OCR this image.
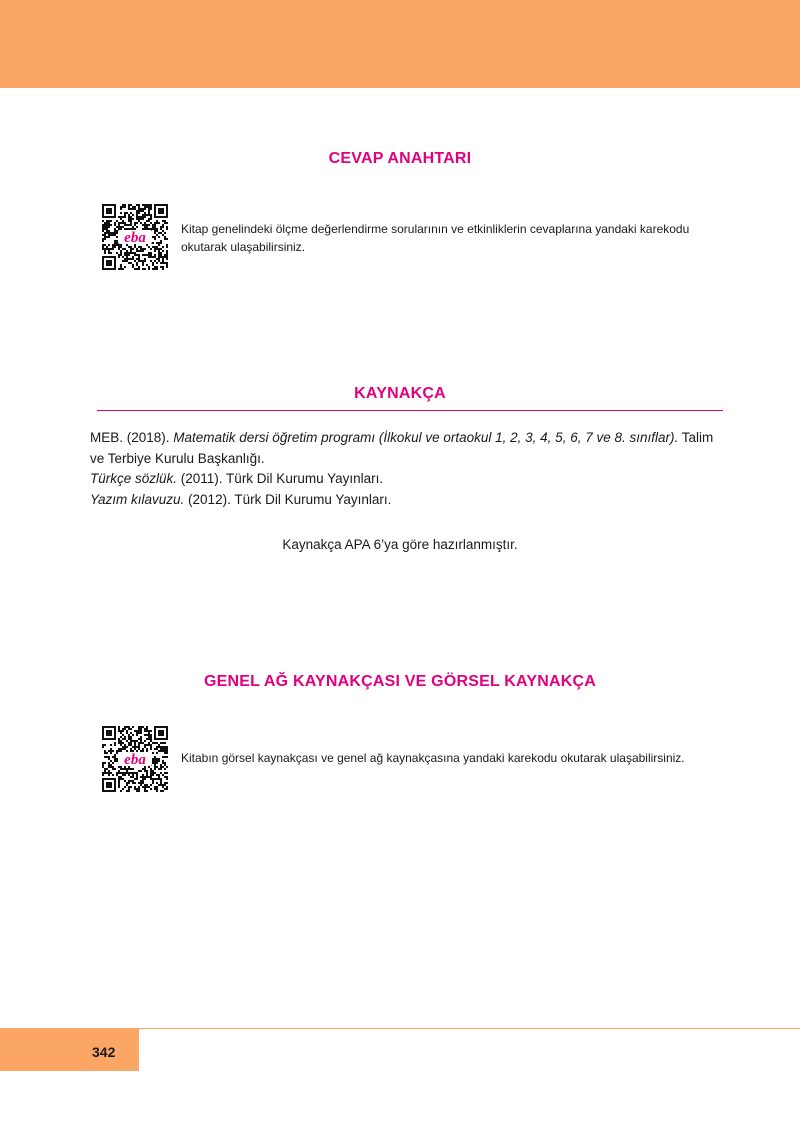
CEVAP ANAHTARI
eba
Kitap genelindeki ölçme değerlendirme sorularının ve etkinliklerin cevaplarına yandaki karekodu
okutarak ulaşabilirsiniz.
KAYNAKÇA
MEB. (2018). Matematik dersi öğretim programı (İlkokul ve ortaokul 1, 2, 3, 4, 5, 6, 7 ve 8. sınıflar). Talim
ve Terbiye Kurulu Başkanlığı.
Türkçe sözlük. (2011). Türk Dil Kurumu Yayınları.
Yazım kılavuzu. (2012). Türk Dil Kurumu Yayınları.
Kaynakça APA 6’ya göre hazırlanmıştır.
GENEL AĞ KAYNAKÇASI VE GÖRSEL KAYNAKÇA
eba	Kitabın görsel kaynakçası ve genel ağ kaynakçasına yandaki karekodu okutarak ulaşabilirsiniz.
342
